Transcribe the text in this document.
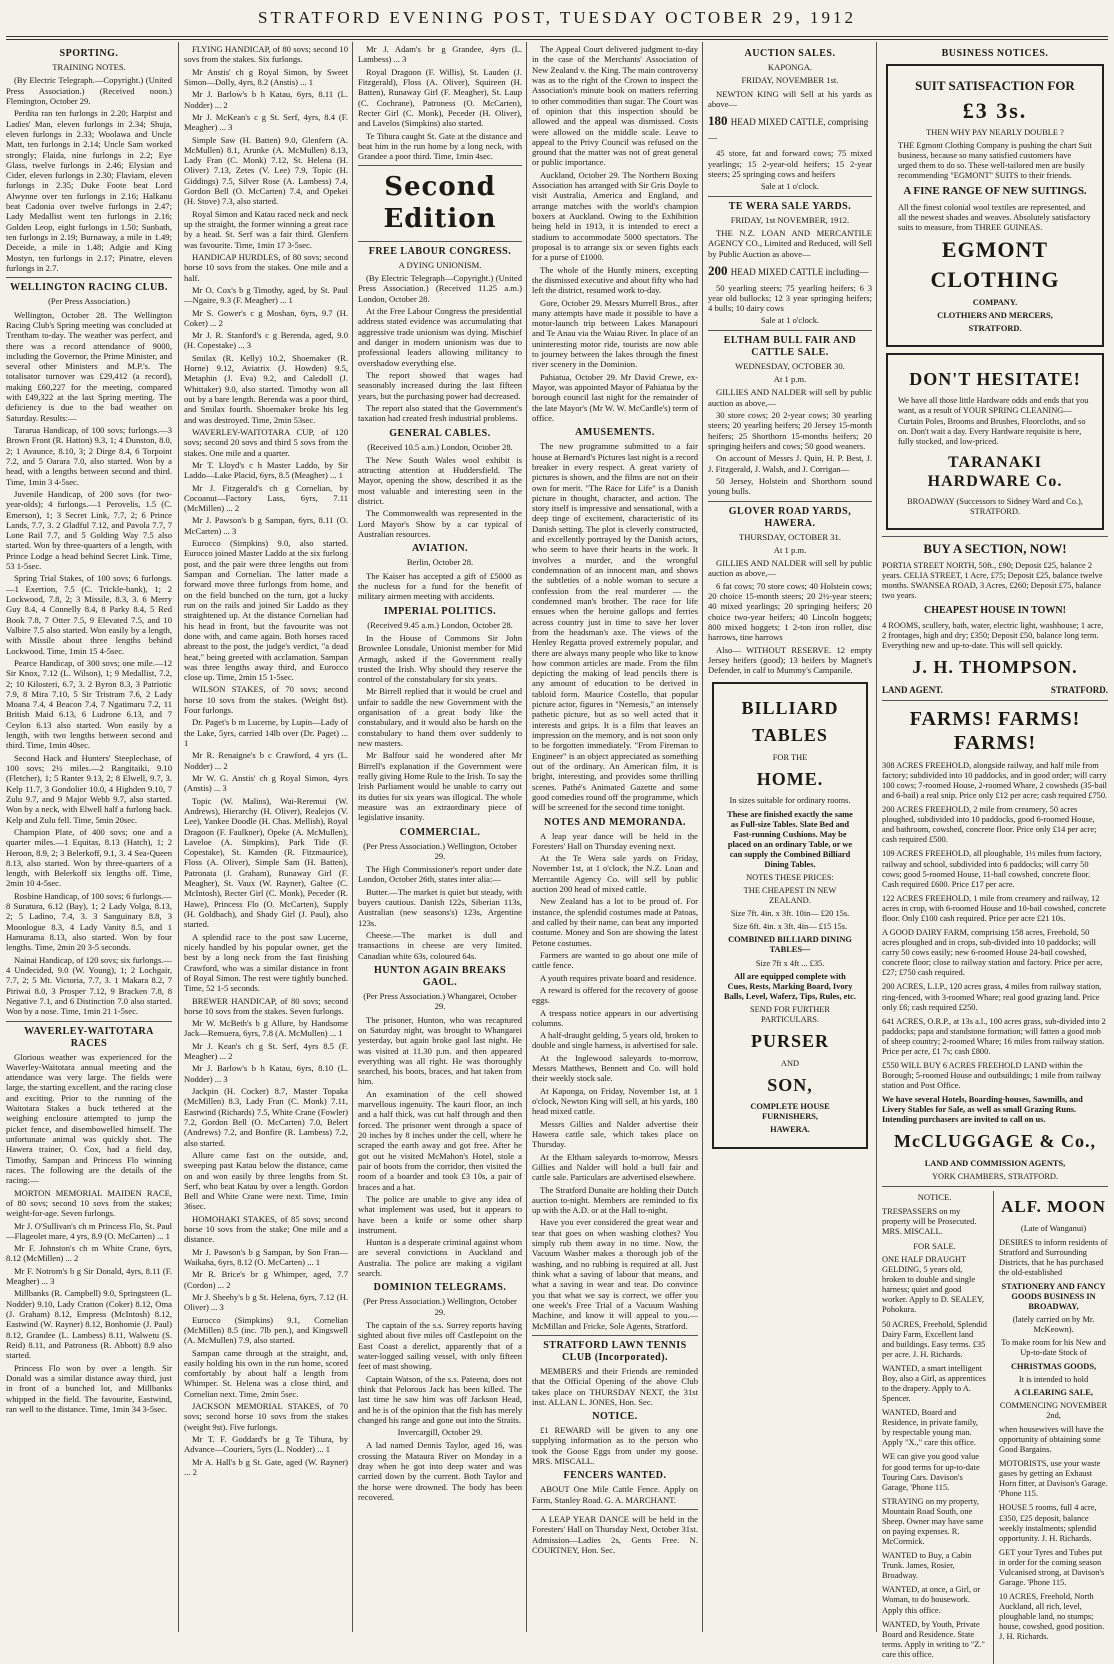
STRATFORD EVENING POST, TUESDAY OCTOBER 29, 1912
SPORTING.
TRAINING NOTES.

(By Electric Telegraph.—Copyright.) (United Press Association.) (Received noon.) Flemington, October 29.

Perdita ran ten furlongs in 2.20; Harpist and Ladies' Man, eleven furlongs in 2.34; Shuja, eleven furlongs in 2.33; Woolawa and Uncle Matt, ten furlongs in 2.14; Uncle Sam worked strongly; Flaida, nine furlongs in 2.2; Eye Glass, twelve furlongs in 2.46; Elysian and Cider, eleven furlongs in 2.30; Flaviam, eleven furlongs in 2.35; Duke Foote beat Lord Alwynne over ten furlongs in 2.16; Halkanu beat Cadonia over twelve furlongs in 2.47; Lady Medallist went ten furlongs in 2.16; Golden Leop, eight furlongs in 1.50; Sunbath, ten furlongs in 2.19; Burnaway, a mile in 1.49; Deceide, a mile in 1.48; Adgie and King Mostyn, ten furlongs in 2.17; Pinatre, eleven furlongs in 2.7.

WELLINGTON RACING CLUB.
(Per Press Association.)

Wellington, October 28. The Wellington Racing Club's Spring meeting was concluded at Trentham to-day. The weather was perfect, and there was a record attendance of 9000, including the Governor, the Prime Minister, and several other Ministers and M.P.'s. The totalisator turnover was £29,412 (a record), making £60,227 for the meeting, compared with £49,322 at the last Spring meeting. The deficiency is due to the bad weather on Saturday. Results:—

Tararua Handicap, of 100 sovs; furlongs.—3 Brown Front (R. Hatton) 9.3, 1; 4 Dunston, 8.0, 2; 1 Avaunce, 8.10, 3; 2 Dirge 8.4, 6 Torpoint 7.2, and 5 Oarara 7.0, also started. Won by a head, with a lengths between second and third. Time, 1min 3 4-5sec.

Juvenile Handicap, of 200 sovs (for two-year-olds); 4 furlongs.—1 Perovelis, 1.5 (C. Emerson), 1; 3 Secret Link, 7.7, 2; 6 Prince Lands, 7.7, 3. 2 Gladful 7.12, and Pavola 7.7, 7 Lone Rail 7.7, and 5 Golding Way 7.5 also started. Won by three-quarters of a length, with Prince Lodge a head behind Secret Link. Time, 53 1-5sec.

Spring Trial Stakes, of 100 sovs; 6 furlongs.—1 Exertion, 7.5 (C. Trickle-bank), 1; 2 Lockwood, 7.8, 2; 3 Missile, 8.3, 3. 6 Merry Guy 8.4, 4 Connelly 8.4, 8 Parky 8.4, 5 Red Book 7.8, 7 Otter 7.5, 9 Elevated 7.5, and 10 Valbire 7.5 also started. Won easily by a length, with Missile about three lengths behind Lockwood. Time, 1min 15 4-5sec.

Pearce Handicap, of 300 sovs; one mile.—12 Sir Knox, 7.12 (L. Wilson), 1; 9 Medallist, 7.2, 2; 10 Kilosteri, 6.7, 3. 2 Byron 8.3, 3 Patriotic 7.9, 8 Mira 7.10, 5 Sir Tristram 7.6, 2 Lady Moana 7.4, 4 Beacon 7.4, 7 Ngatimaru 7.2, 11 British Maid 6.13, 6 Ludrone 6.13, and 7 Ceylon 6.13 also started. Won easily by a length, with two lengths between second and third. Time, 1min 40sec.

Second Hack and Hunters' Steeplechase, of 100 sovs; 2½ miles.—2 Rangitaiki, 9.10 (Fletcher), 1; 5 Ranter 9.13, 2; 8 Elwell, 9.7, 3. Kelp 11.7, 3 Gondolier 10.0, 4 Highden 9.10, 7 Zulu 9.7, and 9 Major Webb 9.7, also started. Won by a neck, with Elwell half a furlong back. Kelp and Zulu fell. Time, 5min 20sec.

Champion Plate, of 400 sovs; one and a quarter miles.—1 Equitas, 8.13 (Hatch), 1; 2 Heroon, 8.9, 2; 3 Belerkoff, 9.1, 3. 4 Sea-Queen 8.13, also started. Won by three-quarters of a length, with Belerkoff six lengths off. Time, 2min 10 4-5sec.

Rosbine Handicap, of 100 sovs; 6 furlongs.—8 Suratura, 6.12 (Bay), 1; 2 Lady Volga, 8.13, 2; 5 Ladino, 7.4, 3. 3 Sanguinary 8.8, 3 Moonlogue 8.3, 4 Lady Vanity 8.5, and 1 Hamurama 8.13, also started. Won by four lengths. Time, 2min 20 3-5 seconds.

Nainai Handicap, of 120 sovs; six furlongs.—4 Undecided, 9.0 (W. Young), 1; 2 Lochgair, 7.7, 2; 5 Mt. Victoria, 7.7, 3. 1 Makara 8.2, 7 Piriwai 8.0, 3 Prosper 7.12, 9 Bracken 7.8, 8 Negative 7.1, and 6 Distinction 7.0 also started. Won by a nose. Time, 1min 21 1-5sec.

WAVERLEY-WAITOTARA RACES

Glorious weather was experienced for the Waverley-Waitotara annual meeting and the attendance was very large. The fields were large, the starting excellent, and the racing close and exciting. Prior to the running of the Waitotara Stakes a buck tethered at the weighing enclosure attempted to jump the picket fence, and disembowelled himself. The unfortunate animal was quickly shot. The Hawera trainer, O. Cox, had a field day, Timothy, Sampan and Princess Flo winning races. The following are the details of the racing:—

MORTON MEMORIAL MAIDEN RACE, of 80 sovs; second 10 sovs from the stakes; weight-for-age. Seven furlongs.

Mr J. O'Sullivan's ch m Princess Flo, St. Paul—Flageolet mare, 4 yrs, 8.9 (O. McCarten) ... 1

Mr F. Johnston's ch m White Crane, 6yrs, 8.12 (McMillen) ... 2

Mr F. Notrom's b g Sir Donald, 4yrs, 8.11 (F. Meagher) ... 3

Millbanks (R. Campbell) 9.0, Springsteen (L. Nodder) 9.10, Lady Cratton (Coker) 8.12, Oma (J. Graham) 8.12, Empress (McIntosh) 8.12, Eastwind (W. Rayner) 8.12, Bonhomie (J. Paul) 8.12, Grandee (L. Lambess) 8.11, Walwetu (S. Reid) 8.11, and Patroness (R. Abbott) 8.9 also started.

Princess Flo won by over a length. Sir Donald was a similar distance away third, just in front of a bunched lot, and Millbanks whipped in the field. The favourite, Eastwind, ran well to the distance. Time, 1min 34 3-5sec.

FLYING HANDICAP, of 80 sovs; second 10 sovs from the stakes. Six furlongs.

Mr Anstis' ch g Royal Simon, by Sweet Simon—Dolly, 4yrs, 8.2 (Anstis) ... 1

Mr J. Barlow's b h Katau, 6yrs, 8.11 (L. Nodder) ... 2

Mr J. McKean's c g St. Serf, 4yrs, 8.4 (F. Meagher) ... 3

Simple Saw (H. Batten) 9.0, Glenfern (A. McMullen) 8.1, Arunke (A. McMullen) 8.13, Lady Fran (C. Monk) 7.12, St. Helena (H. Oliver) 7.13, Zetes (V. Lee) 7.9, Topic (H. Giddings) 7.5, Silver Rose (A. Lambess) 7.4, Gordon Bell (O. McCarten) 7.4, and Opekei (H. Stove) 7.3, also started.

Royal Simon and Katau raced neck and neck up the straight, the former winning a great race by a head. St. Serf was a fair third. Glenfern was favourite. Time, 1min 17 3-5sec.

HANDICAP HURDLES, of 80 sovs; second horse 10 sovs from the stakes. One mile and a half.

Mr O. Cox's b g Timothy, aged, by St. Paul—Ngaire, 9.3 (F. Meagher) ... 1

Mr S. Gower's c g Moshan, 6yrs, 9.7 (H. Coker) ... 2

Mr J. R. Stanford's c g Berenda, aged, 9.0 (H. Copestake) ... 3

Smilax (R. Kelly) 10.2, Shoemaker (R. Horne) 9.12, Aviatrix (J. Howden) 9.5, Metaphin (J. Eva) 9.2, and Caledoll (J. Whittaker) 9.0, also started. Timothy won all out by a bare length. Berenda was a poor third, and Smilax fourth. Shoemaker broke his leg and was destroyed. Time, 2min 53sec.

WAVERLEY-WAITOTARA CUP, of 120 sovs; second 20 sovs and third 5 sovs from the stakes. One mile and a quarter.

Mr T. Lloyd's c h Master Laddo, by Sir Laddo—Lake Placid, 6yrs, 8.5 (Meagher) ... 1

Mr J. Fitzgerald's ch g Cornelian, by Cocoanut—Factory Lass, 6yrs, 7.11 (McMillen) ... 2

Mr J. Pawson's b g Sampan, 6yrs, 8.11 (O. McCarten) ... 3

Eurocco (Simpkins) 9.0, also started. Eurocco joined Master Laddo at the six furlong post, and the pair were three lengths out from Sampan and Cornelian. The latter made a forward move three furlongs from home, and on the field bunched on the turn, got a lucky run on the rails and joined Sir Laddo as they straightened up. At the distance Cornelian had his head in front, but the favourite was not done with, and came again. Both horses raced abreast to the post, the judge's verdict, "a dead heat," being greeted with acclamation. Sampan was three lengths away third, and Eurocco close up. Time, 2min 15 1-5sec.

WILSON STAKES, of 70 sovs; second horse 10 sovs from the stakes. (Weight 8st). Four furlongs.

Dr. Paget's b m Lucerne, by Lupin—Lady of the Lake, 5yrs, carried 14lb over (Dr. Paget) ... 1

Mr R. Renaigne's b c Crawford, 4 yrs (L. Nodder) ... 2

Mr W. G. Anstis' ch g Royal Simon, 4yrs (Anstis) ... 3

Topic (W. Malins), Wai-Reremui (W. Andrews), Hierarchy (H. Oliver), Realejos (V. Lee), Yankee Doodle (H. Chas. Mellish), Royal Dragoon (F. Faulkner), Opeke (A. McMullen), Laveloe (A. Simpkins), Park Tide (F. Copestake), St. Kamden (R. Fitzmaurice), Floss (A. Oliver), Simple Sam (H. Batten), Patronata (J. Graham), Runaway Girl (F. Meagher), St. Vaux (W. Rayner), Galtee (C. McIntosh), Recter Girl (C. Monk), Peceder (R. Hawe), Princess Flo (O. McCarten), Supply (H. Goldbach), and Shady Girl (J. Paul), also started.

A splendid race to the post saw Lucerne, nicely handled by his popular owner, get the best by a long neck from the fast finishing Crawford, who was a similar distance in front of Royal Simon. The rest were tightly bunched. Time, 52 1-5 seconds.

BREWER HANDICAP, of 80 sovs; second horse 10 sovs from the stakes. Seven furlongs.

Mr W. McBeth's b g Allure, by Handsome Jack—Remuera, 6yrs, 7.8 (A. McMullen) ... 1

Mr J. Kean's ch g St. Serf, 4yrs 8.5 (F. Meagher) ... 2

Mr J. Barlow's b h Katau, 6yrs, 8.10 (L. Nodder) ... 3

Jackpin (H. Cocker) 8.7, Master Topaka (McMillen) 8.3, Lady Fran (C. Monk) 7.11, Eastwind (Richards) 7.5, White Crane (Fowler) 7.2, Gordon Bell (O. McCarten) 7.0, Belert (Andrews) 7.2, and Bonfire (R. Lambess) 7.2, also started.

Allure came fast on the outside, and, sweeping past Katau below the distance, came on and won easily by three lengths from St. Serf, who beat Katau by over a length. Gordon Bell and White Crane were next. Time, 1min 36sec.

HOMOHAKI STAKES, of 85 sovs; second horse 10 sovs from the stake; One mile and a distance.

Mr J. Pawson's b g Sampan, by Son Fran—Waikaha, 6yrs, 8.12 (O. McCarten) ... 1

Mr R. Brice's br g Whimper, aged, 7.7 (Cordon) ... 2

Mr J. Sheehy's b g St. Helena, 6yrs, 7.12 (H. Oliver) ... 3

Eurocco (Simpkins) 9.1, Cornelian (McMillen) 8.5 (inc. 7lb pen.), and Kingswell (A. McMullen) 7.9, also started.

Sampan came through at the straight, and, easily holding his own in the run home, scored comfortably by about half a length from Whimper. St. Helena was a close third, and Cornelian next. Time, 2min 5sec.

JACKSON MEMORIAL STAKES, of 70 sovs; second horse 10 sovs from the stakes (weight 9st). Five furlongs.

Mr T. F. Goddard's br g Te Tihura, by Advance—Couriers, 5yrs (L. Nodder) ... 1

Mr A. Hall's b g St. Gate, aged (W. Rayner) ... 2

Mr J. Adam's br g Grandee, 4yrs (L. Lambess) ... 3

Royal Dragoon (F. Willis), St. Lauden (J. Fitzgerald), Floss (A. Oliver), Squireen (H. Batten), Runaway Girl (F. Meagher), St. Laup (C. Cochrane), Patroness (O. McCarten), Recter Girl (C. Monk), Peceder (H. Oliver), and Lavelos (Simpkins) also started.

Te Tihura caught St. Gate at the distance and beat him in the run home by a long neck, with Grandee a poor third. Time, 1min 4sec.

Second Edition
FREE LABOUR CONGRESS.
A DYING UNIONISM.

(By Electric Telegraph—Copyright.) (United Press Association.) (Received 11.25 a.m.) London, October 28.

At the Free Labour Congress the presidential address stated evidence was accumulating that aggressive trade unionism was dying. Mischief and danger in modern unionism was due to professional leaders allowing militancy to overshadow everything else.

The report showed that wages had seasonably increased during the last fifteen years, but the purchasing power had decreased.

The report also stated that the Government's taxation had created fresh industrial problems.

GENERAL CABLES.
(Received 10.5 a.m.) London, October 28.

The New South Wales wool exhibit is attracting attention at Huddersfield. The Mayor, opening the show, described it as the most valuable and interesting seen in the district.

The Commonwealth was represented in the Lord Mayor's Show by a car typical of Australian resources.

AVIATION.
Berlin, October 28.

The Kaiser has accepted a gift of £5000 as the nucleus for a fund for the benefit of military airmen meeting with accidents.

IMPERIAL POLITICS.
(Received 9.45 a.m.) London, October 28.

In the House of Commons Sir John Brownlee Lonsdale, Unionist member for Mid Armagh, asked if the Government really trusted the Irish. Why should they reserve the control of the constabulary for six years.

Mr Birrell replied that it would be cruel and unfair to saddle the new Government with the organisation of a great body like the constabulary, and it would also be harsh on the constabulary to hand them over suddenly to new masters.

Mr Balfour said he wondered after Mr Birrell's explanation if the Government were really giving Home Rule to the Irish. To say the Irish Parliament would be unable to carry out its duties for six years was illogical. The whole measure was an extraordinary piece of legislative insanity.

COMMERCIAL.
(Per Press Association.) Wellington, October 29.

The High Commissioner's report under date London, October 26th, states inter alia:—

Butter.—The market is quiet but steady, with buyers cautious. Danish 122s, Siberian 113s, Australian (new seasons's) 123s, Argentine 123s.

Cheese.—The market is dull and transactions in cheese are very limited. Canadian white 63s, coloured 64s.

HUNTON AGAIN BREAKS GAOL.
(Per Press Association.) Whangarei, October 29.

The prisoner, Hunton, who was recaptured on Saturday night, was brought to Whangarei yesterday, but again broke gaol last night. He was visited at 11.30 p.m. and then appeared everything was all right. He was thoroughly searched, his boots, braces, and hat taken from him.

An examination of the cell showed marvellous ingenuity. The kauri floor, an inch and a half thick, was cut half through and then forced. The prisoner went through a space of 20 inches by 8 inches under the cell, where he scraped the earth away and got free. After he got out he visited McMahon's Hotel, stole a pair of boots from the corridor, then visited the room of a boarder and took £3 10s, a pair of braces and a hat.

The police are unable to give any idea of what implement was used, but it appears to have been a knife or some other sharp instrument.

Hunton is a desperate criminal against whom are several convictions in Auckland and Australia. The police are making a vigilant search.

DOMINION TELEGRAMS.
(Per Press Association.) Wellington, October 29.

The captain of the s.s. Surrey reports having sighted about five miles off Castlepoint on the East Coast a derelict, apparently that of a water-logged sailing vessel, with only fifteen feet of mast showing.

Captain Watson, of the s.s. Pateena, does not think that Pelorous Jack has been killed. The last time he saw him was off Jackson Head, and he is of the opinion that the fish has merely changed his range and gone out into the Straits.

Invercargill, October 29.

A lad named Dennis Taylor, aged 16, was crossing the Mataura River on Monday in a dray when he got into deep water and was carried down by the current. Both Taylor and the horse were drowned. The body has been recovered.

The Appeal Court delivered judgment to-day in the case of the Merchants' Association of New Zealand v. the King. The main controversy was as to the right of the Crown to inspect the Association's minute book on matters referring to other commodities than sugar. The Court was of opinion that this inspection should be allowed and the appeal was dismissed. Costs were allowed on the middle scale. Leave to appeal to the Privy Council was refused on the ground that the matter was not of great general or public importance.

Auckland, October 29. The Northern Boxing Association has arranged with Sir Gris Doyle to visit Australia, America and England, and arrange matches with the world's champion boxers at Auckland. Owing to the Exhibition being held in 1913, it is intended to erect a stadium to accommodate 5000 spectators. The proposal is to arrange six or seven fights each for a purse of £1000.

The whole of the Huntly miners, excepting the dismissed executive and about fifty who had left the district, resumed work to-day.

Gore, October 29. Messrs Murrell Bros., after many attempts have made it possible to have a motor-launch trip between Lakes Manapouri and Te Anau via the Waiau River. In place of an uninteresting motor ride, tourists are now able to journey between the lakes through the finest river scenery in the Dominion.

Pahiatua, October 29. Mr David Crewe, ex-Mayor, was appointed Mayor of Pahiatua by the borough council last night for the remainder of the late Mayor's (Mr W. W. McCardle's) term of office.

AMUSEMENTS.

The new programme submitted to a fair house at Bernard's Pictures last night is a record breaker in every respect. A great variety of pictures is shown, and the films are not on their own for merit. "The Race for Life" is a Danish picture in thought, character, and action. The story itself is impressive and sensational, with a deep tinge of excitement, characteristic of its Danish setting. The plot is cleverly constructed, and excellently portrayed by the Danish actors, who seem to have their hearts in the work. It involves a murder, and the wrongful condemnation of an innocent man, and shows the subtleties of a noble woman to secure a confession from the real murderer — the condemned man's brother. The race for life ensues when the heroine gallops and ferries across country just in time to save her lover from the headsman's axe. The views of the Henley Regatta proved extremely popular, and there are always many people who like to know how common articles are made. From the film depicting the making of lead pencils there is any amount of education to be derived in tabloid form. Maurice Costello, that popular picture actor, figures in "Nemesis," an intensely pathetic picture, but as so well acted that it interests and grips. It is a film that leaves an impression on the memory, and is not soon only to be forgotten immediately. "From Fireman to Engineer" is an object appreciated as something out of the ordinary. An American film, it is bright, interesting, and provides some thrilling scenes. Pathé's Animated Gazette and some good comedies round off the programme, which will be screened for the second time tonight.

NOTES AND MEMORANDA.

A leap year dance will be held in the Foresters' Hall on Thursday evening next.

At the Te Wera sale yards on Friday, November 1st, at 1 o'clock, the N.Z. Loan and Mercantile Agency Co. will sell by public auction 200 head of mixed cattle.

New Zealand has a lot to be proud of. For instance, the splendid costumes made at Patoas, and called by their name, can beat any imported costume. Money and Son are showing the latest Petone costumes.

Farmers are wanted to go about one mile of cattle fence.

A youth requires private board and residence.

A reward is offered for the recovery of goose eggs.

A trespass notice appears in our advertising columns.

A half-draught gelding, 5 years old, broken to double and single harness, is advertised for sale.

At the Inglewood saleyards to-morrow, Messrs Matthews, Bennett and Co. will hold their weekly stock sale.

At Kaponga, on Friday, November 1st, at 1 o'clock, Newton King will sell, at his yards, 180 head mixed cattle.

Messrs Gillies and Nalder advertise their Hawera cattle sale, which takes place on Thursday.

At the Eltham saleyards to-morrow, Messrs Gillies and Nalder will hold a bull fair and cattle sale. Particulars are advertised elsewhere.

The Stratford Dunaite are holding their Dutch auction to-night. Members are reminded to fix up with the A.D. or at the Hall to-night.

Have you ever considered the great wear and tear that goes on when washing clothes? You simply rub them away in no time. Now, the Vacuum Washer makes a thorough job of the washing, and no rubbing is required at all. Just think what a saving of labour that means, and what a saving in wear and tear. Do convince you that what we say is correct, we offer you one week's Free Trial of a Vacuum Washing Machine, and know it will appeal to you.—McMillan and Fricke, Sole Agents, Stratford.

STRATFORD LAWN TENNIS CLUB (Incorporated).

MEMBERS and their Friends are reminded that the Official Opening of the above Club takes place on THURSDAY NEXT, the 31st inst. ALLAN L. JONES, Hon. Sec.

NOTICE.

£1 REWARD will be given to any one supplying information as to the person who took the Goose Eggs from under my goose. MRS. MISCALL.

FENCERS WANTED.

ABOUT One Mile Cattle Fence. Apply on Farm, Stanley Road. G. A. MARCHANT.

A LEAP YEAR DANCE will be held in the Foresters' Hall on Thursday Next, October 31st. Admission—Ladies 2s, Gents Free. N. COURTNEY, Hon. Sec.

AUCTION SALES.
KAPONGA.
FRIDAY, NOVEMBER 1st.

NEWTON KING will Sell at his yards as above—

180 HEAD MIXED CATTLE, comprising—

45 store, fat and forward cows; 75 mixed yearlings; 15 2-year-old heifers; 15 2-year steers; 25 springing cows and heifers

Sale at 1 o'clock.
TE WERA SALE YARDS.
FRIDAY, 1st NOVEMBER, 1912.

THE N.Z. LOAN AND MERCANTILE AGENCY CO., Limited and Reduced, will Sell by Public Auction as above—

200 HEAD MIXED CATTLE including—

50 yearling steers; 75 yearling heifers; 6 3 year old bullocks; 12 3 year springing heifers; 4 bulls; 10 dairy cows

Sale at 1 o'clock.
ELTHAM BULL FAIR AND CATTLE SALE.
WEDNESDAY, OCTOBER 30.
At 1 p.m.

GILLIES AND NALDER will sell by public auction as above,—

30 store cows; 20 2-year cows; 30 yearling steers; 20 yearling heifers; 20 Jersey 15-month heifers; 25 Shorthorn 15-months heifers; 20 springing heifers and cows; 50 good weaners.

On account of Messrs J. Quin, H. P. Best, J. J. Fitzgerald, J. Walsh, and J. Corrigan—

50 Jersey, Holstein and Shorthorn sound young bulls.

GLOVER ROAD YARDS, HAWERA.
THURSDAY, OCTOBER 31.
At 1 p.m.

GILLIES AND NALDER will sell by public auction as above,—

6 fat cows; 70 store cows; 40 Holstein cows; 20 choice 15-month steers; 20 2½-year steers; 40 mixed yearlings; 20 springing heifers; 20 choice two-year heifers; 40 Lincoln hoggets; 800 mixed hoggets; 1 2-ton iron roller, disc harrows, tine harrows

Also— WITHOUT RESERVE. 12 empty Jersey heifers (good); 13 heifers by Magnet's Defender, in calf to Mummy's Campanile.

BILLIARD
TABLES
FOR THE
HOME.
In sizes suitable for ordinary rooms.
These are finished exactly the same as Full-size Tables. Slate Bed and Fast-running Cushions. May be placed on an ordinary Table, or we can supply the Combined Billiard Dining Tables.
NOTES THESE PRICES:
THE CHEAPEST IN NEW ZEALAND.
Size 7ft. 4in. x 3ft. 10in— £20 15s.
Size 6ft. 4in. x 3ft. 4in— £15 15s.
COMBINED BILLIARD DINING TABLES—
Size 7ft x 4ft ... £35.
All are equipped complete with Cues, Rests, Marking Board, Ivory Balls, Level, Waferz, Tips, Rules, etc.
SEND FOR FURTHER PARTICULARS.
PURSER
AND
SON,
COMPLETE HOUSE FURNISHERS,
HAWERA.
BUSINESS NOTICES.
SUIT SATISFACTION FOR
£3 3s.
THEN WHY PAY NEARLY DOUBLE ?
THE Egmont Clothing Company is pushing the chart Suit business, because so many satisfied customers have urged them to do so. These well-tailored men are busily recommending "EGMONT" SUITS to their friends.
A FINE RANGE OF NEW SUITINGS.
All the finest colonial wool textiles are represented, and all the newest shades and weaves. Absolutely satisfactory suits to measure, from THREE GUINEAS.
EGMONT
CLOTHING
COMPANY.
CLOTHIERS AND MERCERS,
STRATFORD.
DON'T HESITATE!
We have all those little Hardware odds and ends that you want, as a result of YOUR SPRING CLEANING—Curtain Poles, Brooms and Brushes, Floorcloths, and so on. Don't wait a day. Every Hardware requisite is here, fully stocked, and low-priced.
TARANAKI HARDWARE Co.
BROADWAY (Successors to Sidney Ward and Co.), STRATFORD.
BUY A SECTION, NOW!
PORTIA STREET NORTH, 50ft., £90; Deposit £25, balance 2 years. CELIA STREET, 1 Acre, £75; Deposit £25, balance twelve months. SWANSEA ROAD, 3 Acres, £260; Deposit £75, balance two years.
CHEAPEST HOUSE IN TOWN!
4 ROOMS, scullery, bath, water, electric light, washhouse; 1 acre, 2 frontages, high and dry; £350; Deposit £50, balance long term. Everything new and up-to-date. This will sell quickly.
J. H. THOMPSON.
LAND AGENT.	STRATFORD.
FARMS! FARMS! FARMS!
308 ACRES FREEHOLD, alongside railway, and half mile from factory; subdivided into 10 paddocks, and in good order; will carry 100 cows; 7-roomed House, 2-roomed Whare, 2 cowsheds (35-bail and 6-bail) a real snip. Price only £12 per acre; cash required £750.
200 ACRES FREEHOLD, 2 mile from creamery, 50 acres ploughed, subdivided into 10 paddocks, good 6-roomed House, and bathroom, cowshed, concrete floor. Price only £14 per acre; cash required £500.
109 ACRES FREEHOLD, all ploughable, 1½ miles from factory, railway and school, subdivided into 6 paddocks; will carry 50 cows; good 5-roomed House, 11-bail cowshed, concrete floor. Cash required £600. Price £17 per acre.
122 ACRES FREEHOLD, 1 mile from creamery and railway, 12 acres in crop, with 6-roomed House and 10-bail cowshed, concrete floor. Only £100 cash required. Price per acre £21 10s.
A GOOD DAIRY FARM, comprising 158 acres, Freehold, 50 acres ploughed and in crops, sub-divided into 10 paddocks; will carry 50 cows easily; new 6-roomed House 24-bail cowshed, concrete floor; close to railway station and factory. Price per acre, £27; £750 cash required.
200 ACRES, L.I.P., 120 acres grass, 4 miles from railway station, ring-fenced, with 3-roomed Whare; real good grazing land. Price only £6; cash required £250.
641 ACRES, O.R.P., at 13s a.l., 100 acres grass, sub-divided into 2 paddocks; papa and standstone formation; will fatten a good mob of sheep country; 2-roomed Whare; 16 miles from railway station. Price per acre, £1 7s; cash £800.
£550 WILL BUY 6 ACRES FREEHOLD LAND within the Borough; 5-roomed House and outbuildings; 1 mile from railway station and Post Office.
We have several Hotels, Boarding-houses, Sawmills, and Livery Stables for Sale, as well as small Grazing Runs. Intending purchasers are invited to call on us.
McCLUGGAGE & Co.,
LAND AND COMMISSION AGENTS,
YORK CHAMBERS, STRATFORD.
NOTICE.
TRESPASSERS on my property will be Prosecuted. MRS. MISCALL.
FOR SALE.
ONE HALF DRAUGHT GELDING, 5 years old, broken to double and single harness; quiet and good worker. Apply to D. SEALEY, Pohokura.
50 ACRES, Freehold, Splendid Dairy Farm, Excellent land and buildings. Easy terms. £35 per acre. J. H. Richards.
WANTED, a smart intelligent Boy, also a Girl, as apprentices to the drapery. Apply to A. Spencer.
WANTED, Board and Residence, in private family, by respectable young man. Apply "X.," care this office.
WE can give you good value for good terms for up-to-date Touring Cars. Davison's Garage, 'Phone 115.
STRAYING on my property, Mountain Road South, one Sheep. Owner may have same on paying expenses. R. McCormick.
WANTED to Buy, a Cabin Trunk. James, Rosier, Broadway.
WANTED, at once, a Girl, or Woman, to do housework. Apply this office.
WANTED, by Youth, Private Board and Residence. State terms. Apply in writing to "Z." care this office.
ALF. MOON
(Late of Wanganui)
DESIRES to inform residents of Stratford and Surrounding Districts, that he has purchased the old-established
STATIONERY AND FANCY GOODS BUSINESS IN BROADWAY,
(lately carried on by Mr. McKeown).
To make room for his New and Up-to-date Stock of
CHRISTMAS GOODS,
It is intended to hold
A CLEARING SALE,
COMMENCING NOVEMBER 2nd,
when housewives will have the opportunity of obtaining some Good Bargains.
MOTORISTS, use your waste gases by getting an Exhaust Horn fitter, at Davison's Garage. 'Phone 115.
HOUSE 5 rooms, full 4 acre, £350, £25 deposit, balance weekly instalments; splendid opportunity. J. H. Richards.
GET your Tyres and Tubes put in order for the coming season Vulcanised strong, at Davison's Garage. 'Phone 115.
10 ACRES, Freehold, North Auckland, all rich, level, ploughable land, no stumps; house, cowshed, good position. J. H. Richards.
